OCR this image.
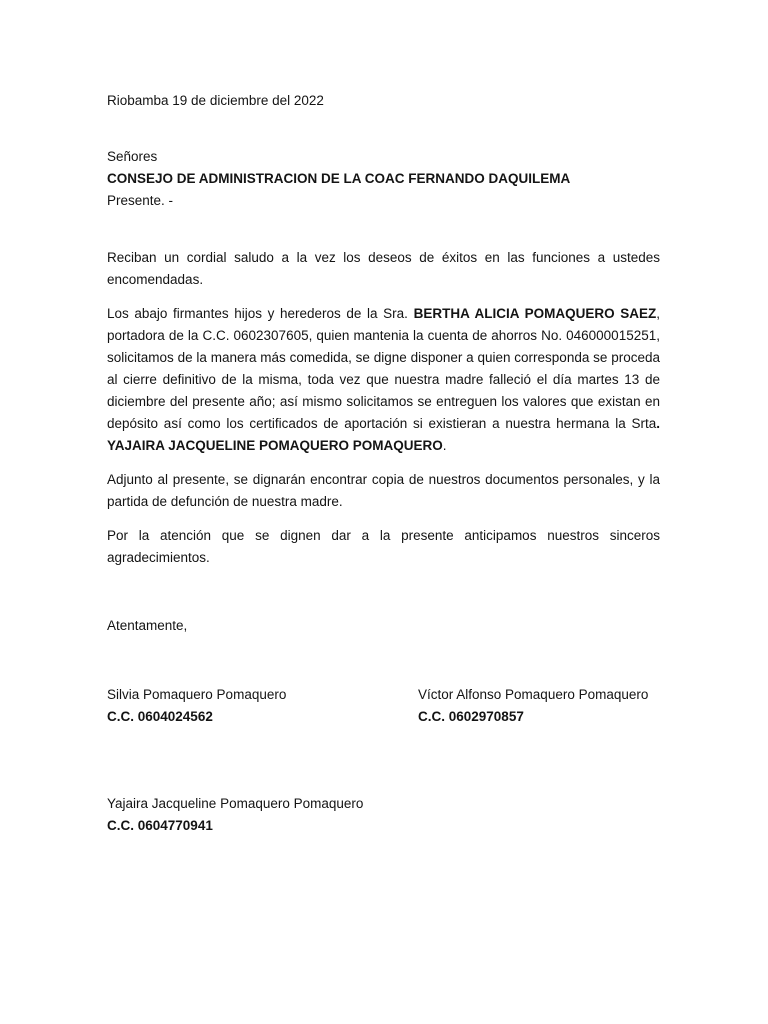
Riobamba 19 de diciembre del 2022
Señores
CONSEJO DE ADMINISTRACION DE LA COAC FERNANDO DAQUILEMA
Presente. -

Reciban un cordial saludo a la vez los deseos de éxitos en las funciones a ustedes encomendadas.

Los abajo firmantes hijos y herederos de la Sra. BERTHA ALICIA POMAQUERO SAEZ, portadora de la C.C. 0602307605, quien mantenia la cuenta de ahorros No. 046000015251, solicitamos de la manera más comedida, se digne disponer a quien corresponda se proceda al cierre definitivo de la misma, toda vez que nuestra madre falleció el día martes 13 de diciembre del presente año; así mismo solicitamos se entreguen los valores que existan en depósito así como los certificados de aportación si existieran a nuestra hermana la Srta. YAJAIRA JACQUELINE POMAQUERO POMAQUERO.

Adjunto al presente, se dignarán encontrar copia de nuestros documentos personales, y la partida de defunción de nuestra madre.

Por la atención que se dignen dar a la presente anticipamos nuestros sinceros agradecimientos.

Atentamente,
Silvia Pomaquero Pomaquero
C.C. 0604024562
Víctor Alfonso Pomaquero Pomaquero
C.C. 0602970857
Yajaira Jacqueline Pomaquero Pomaquero
C.C. 0604770941
